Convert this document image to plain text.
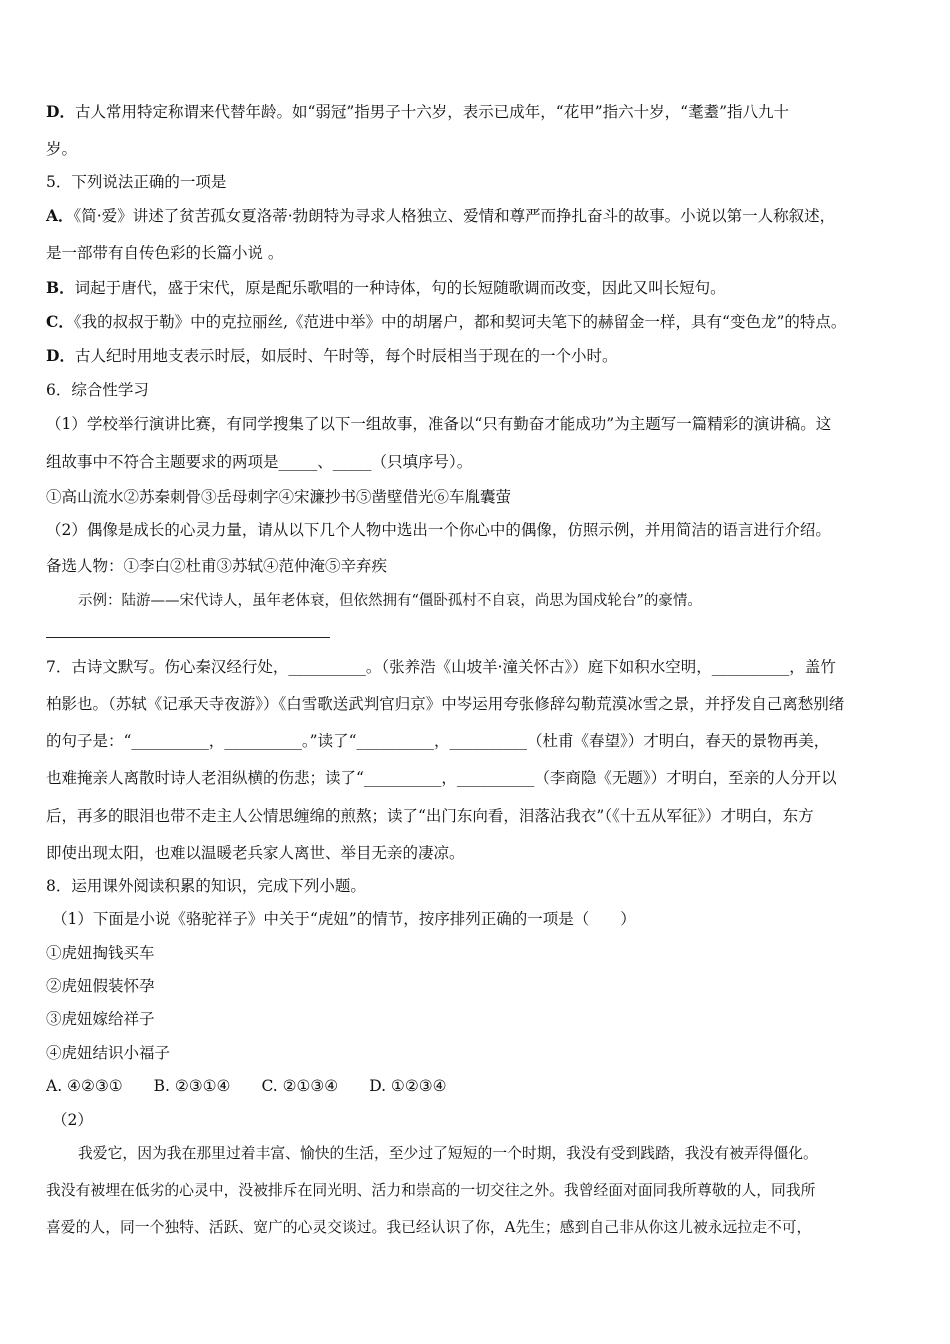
D．古人常用特定称谓来代替年龄。如“弱冠”指男子十六岁，表示已成年，“花甲”指六十岁，“耄耋”指八九十
岁。
5．下列说法正确的一项是
A．《简·爱》讲述了贫苦孤女夏洛蒂·勃朗特为寻求人格独立、爱情和尊严而挣扎奋斗的故事。小说以第一人称叙述，
是一部带有自传色彩的长篇小说 。
B．词起于唐代，盛于宋代，原是配乐歌唱的一种诗体，句的长短随歌调而改变，因此又叫长短句。
C．《我的叔叔于勒》中的克拉丽丝,《范进中举》中的胡屠户，都和契诃夫笔下的赫留金一样，具有“变色龙”的特点。
D．古人纪时用地支表示时辰，如辰时、午时等，每个时辰相当于现在的一个小时。
6．综合性学习
（1）学校举行演讲比赛，有同学搜集了以下一组故事，准备以“只有勤奋才能成功”为主题写一篇精彩的演讲稿。这
组故事中不符合主题要求的两项是_____、_____（只填序号）。
①高山流水②苏秦刺骨③岳母刺字④宋濂抄书⑤凿壁借光⑥车胤囊萤
（2）偶像是成长的心灵力量，请从以下几个人物中选出一个你心中的偶像，仿照示例，并用简洁的语言进行介绍。
备选人物：①李白②杜甫③苏轼④范仲淹⑤辛弃疾
示例：陆游——宋代诗人，虽年老体衰，但依然拥有“僵卧孤村不自哀，尚思为国戍轮台”的豪情。
7．古诗文默写。伤心秦汉经行处，__________。（张养浩《山坡羊·潼关怀古》）庭下如积水空明，__________，盖竹
柏影也。（苏轼《记承天寺夜游》）《白雪歌送武判官归京》中岑运用夸张修辞勾勒荒漠冰雪之景，并抒发自己离愁别绪
的句子是：“__________，__________。”读了“__________，__________（杜甫《春望》）才明白，春天的景物再美，
也难掩亲人离散时诗人老泪纵横的伤悲；读了“__________，__________（李商隐《无题》）才明白，至亲的人分开以
后，再多的眼泪也带不走主人公情思缠绵的煎熬；读了“出门东向看，泪落沾我衣”（《十五从军征》）才明白，东方
即使出现太阳，也难以温暖老兵家人离世、举目无亲的凄凉。
8．运用课外阅读积累的知识，完成下列小题。
（1）下面是小说《骆驼祥子》中关于“虎妞”的情节，按序排列正确的一项是（　　）
①虎妞掏钱买车
②虎妞假装怀孕
③虎妞嫁给祥子
④虎妞结识小福子
A. ④②③①　　B. ②③①④　　C. ②①③④　　D. ①②③④
（2）
我爱它，因为我在那里过着丰富、愉快的生活，至少过了短短的一个时期，我没有受到践踏，我没有被弄得僵化。
我没有被埋在低劣的心灵中，没被排斥在同光明、活力和崇高的一切交往之外。我曾经面对面同我所尊敬的人，同我所
喜爱的人，同一个独特、活跃、宽广的心灵交谈过。我已经认识了你，A先生；感到自己非从你这儿被永远拉走不可，
